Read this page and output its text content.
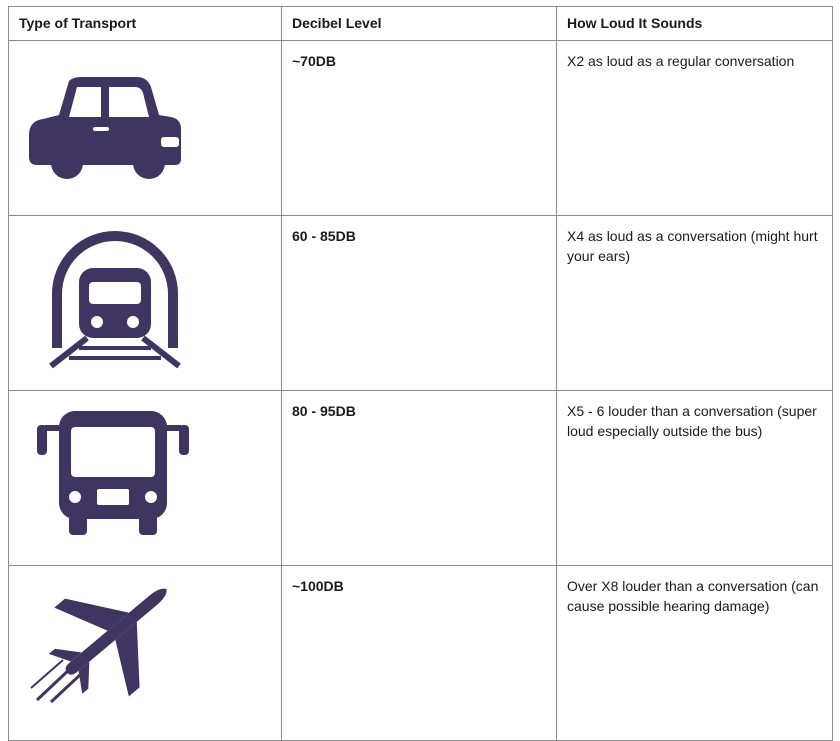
Type of Transport	Decibel Level	How Loud It Sounds

	~70DB	X2 as loud as a regular conversation

	60 - 85DB	X4 as loud as a conversation (might hurt your ears)

	80 - 95DB	X5 - 6 louder than a conversation (super loud especially outside the bus)

	~100DB	Over X8 louder than a conversation (can cause possible hearing damage)
